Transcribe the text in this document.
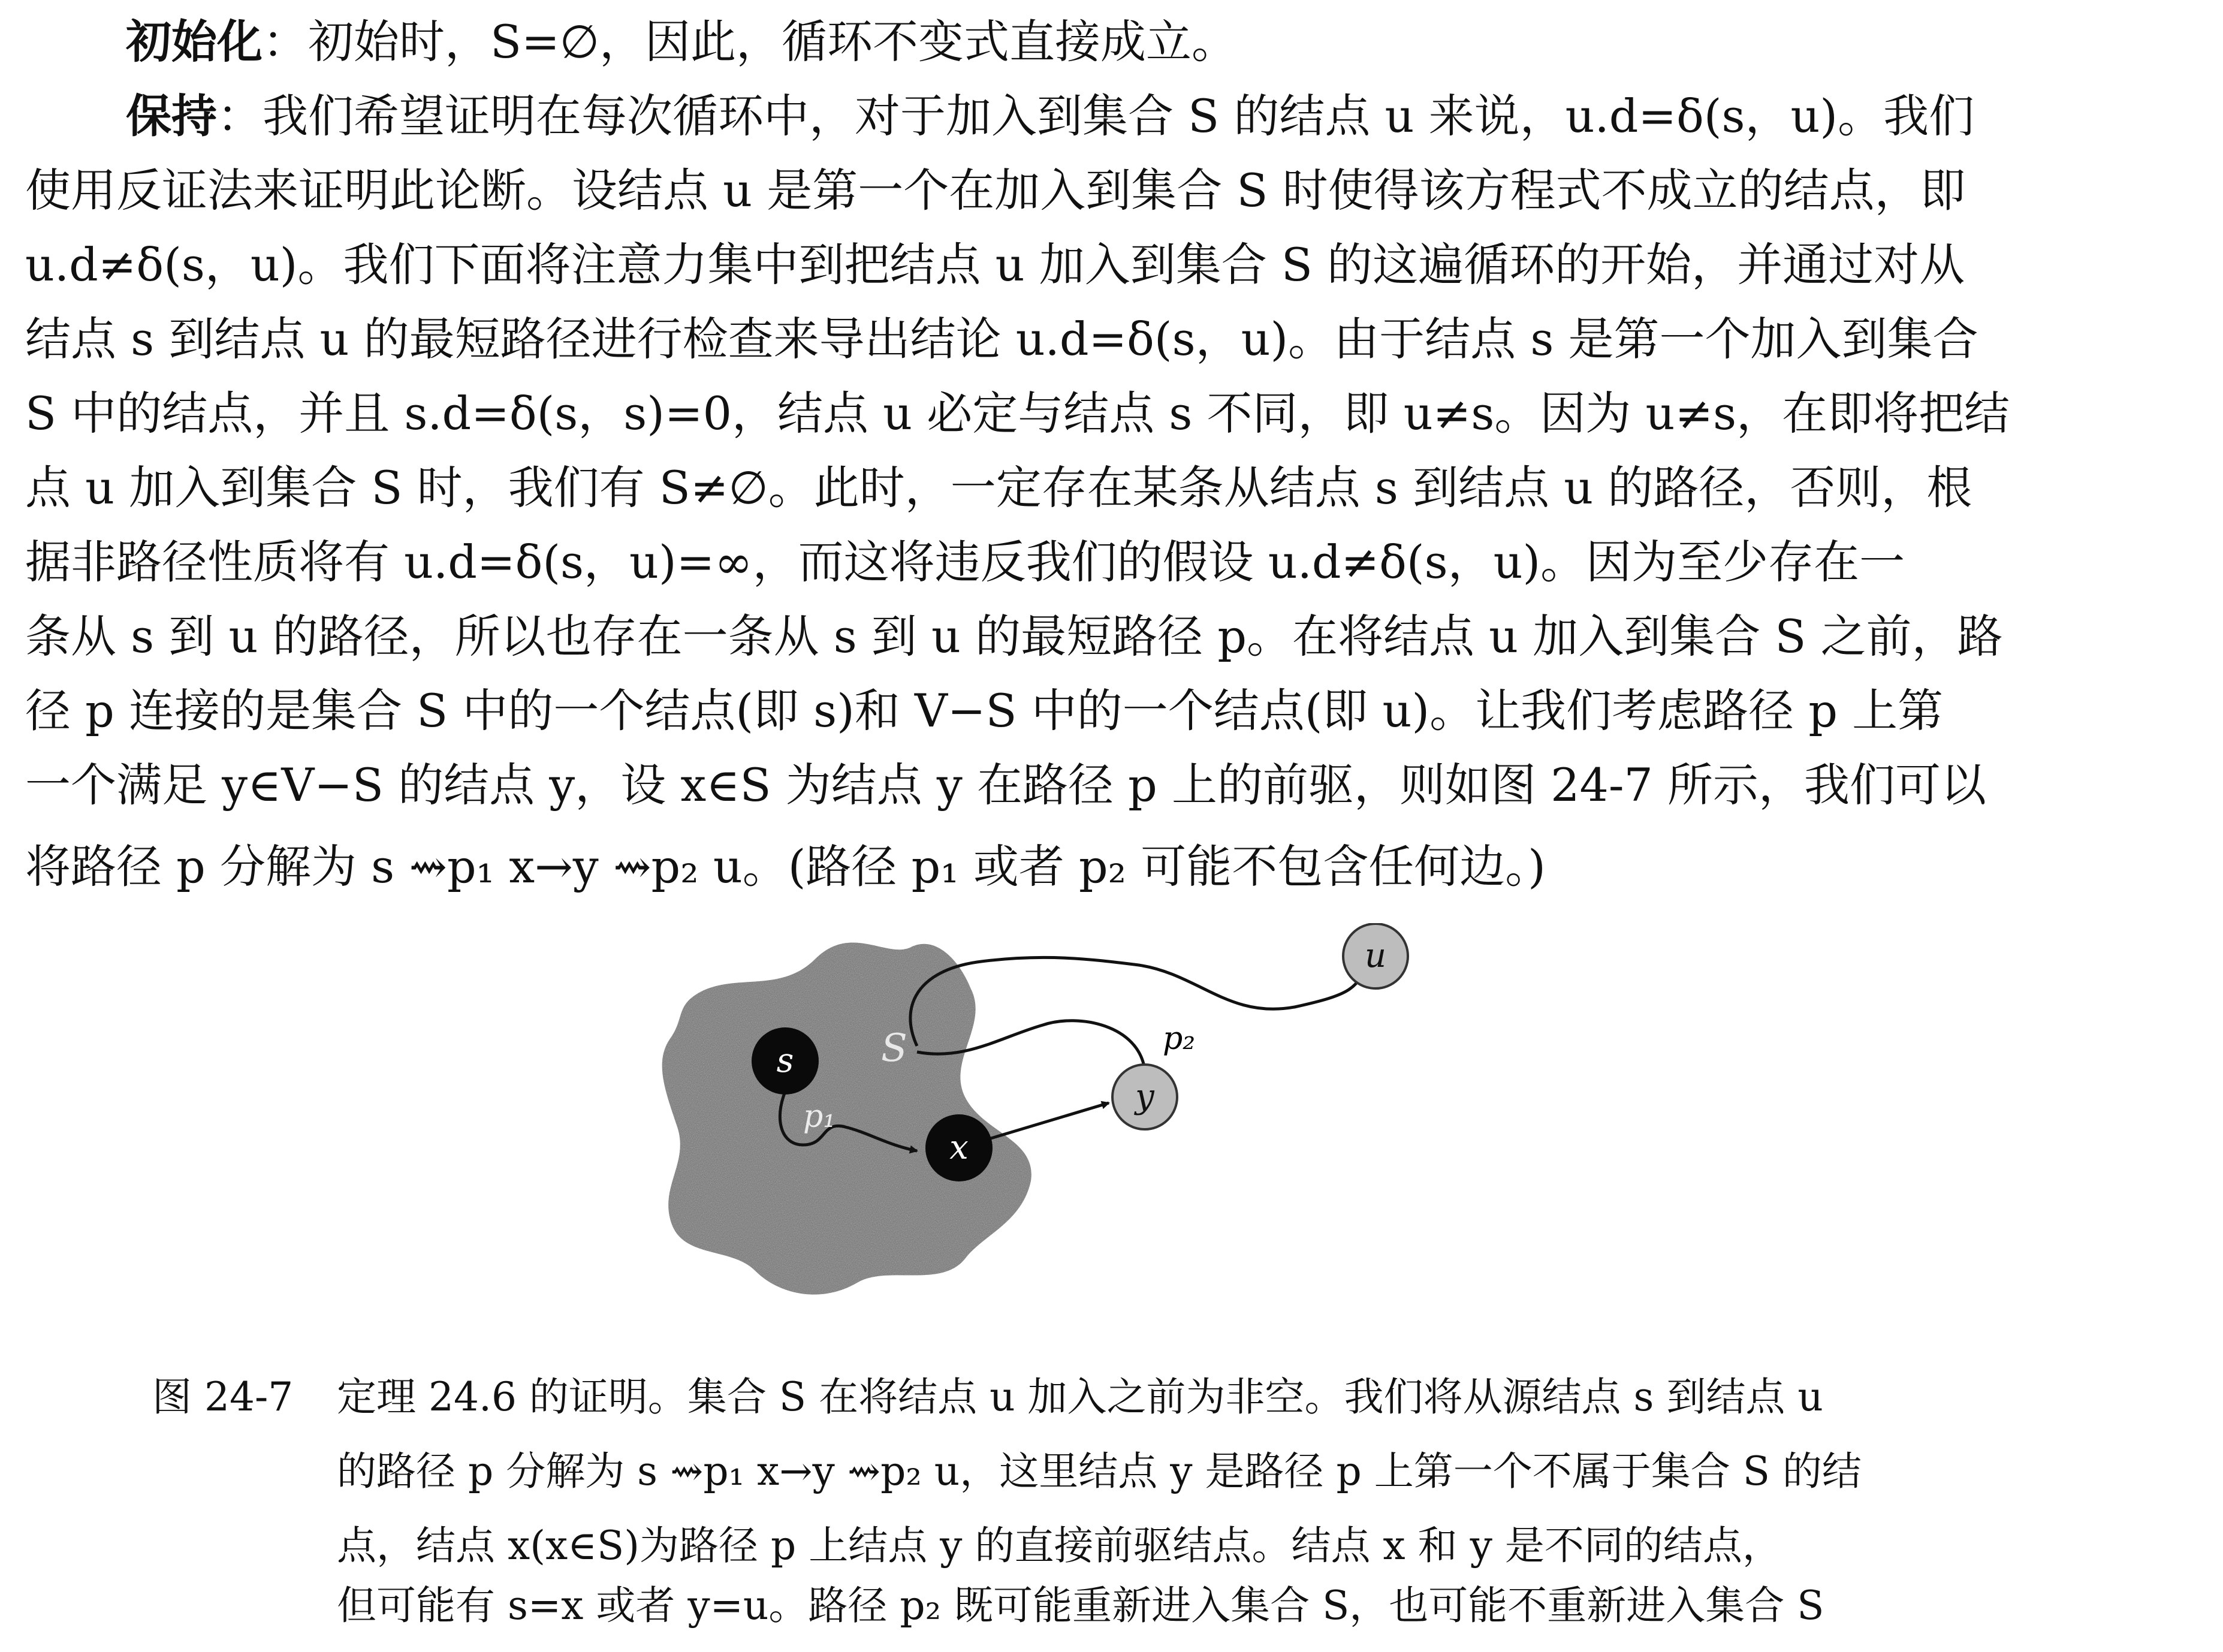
初始化：初始时，S=∅，因此，循环不变式直接成立。

保持：我们希望证明在每次循环中，对于加入到集合 S 的结点 u 来说，u.d=δ(s，u)。我们

使用反证法来证明此论断。设结点 u 是第一个在加入到集合 S 时使得该方程式不成立的结点，即

u.d≠δ(s，u)。我们下面将注意力集中到把结点 u 加入到集合 S 的这遍循环的开始，并通过对从

结点 s 到结点 u 的最短路径进行检查来导出结论 u.d=δ(s，u)。由于结点 s 是第一个加入到集合

S 中的结点，并且 s.d=δ(s，s)=0，结点 u 必定与结点 s 不同，即 u≠s。因为 u≠s，在即将把结

点 u 加入到集合 S 时，我们有 S≠∅。此时，一定存在某条从结点 s 到结点 u 的路径，否则，根

据非路径性质将有 u.d=δ(s，u)=∞，而这将违反我们的假设 u.d≠δ(s，u)。因为至少存在一

条从 s 到 u 的路径，所以也存在一条从 s 到 u 的最短路径 p。在将结点 u 加入到集合 S 之前，路

径 p 连接的是集合 S 中的一个结点(即 s)和 V−S 中的一个结点(即 u)。让我们考虑路径 p 上第

一个满足 y∈V−S 的结点 y，设 x∈S 为结点 y 在路径 p 上的前驱，则如图 24-7 所示，我们可以

将路径 p 分解为 s ⇝p₁ x→y ⇝p₂ u。(路径 p₁ 或者 p₂ 可能不包含任何边。)

S
p₁
p₂
s
x
y
u

图 24-7 定理 24.6 的证明。集合 S 在将结点 u 加入之前为非空。我们将从源结点 s 到结点 u

的路径 p 分解为 s ⇝p₁ x→y ⇝p₂ u，这里结点 y 是路径 p 上第一个不属于集合 S 的结

点，结点 x(x∈S)为路径 p 上结点 y 的直接前驱结点。结点 x 和 y 是不同的结点，

但可能有 s=x 或者 y=u。路径 p₂ 既可能重新进入集合 S，也可能不重新进入集合 S
